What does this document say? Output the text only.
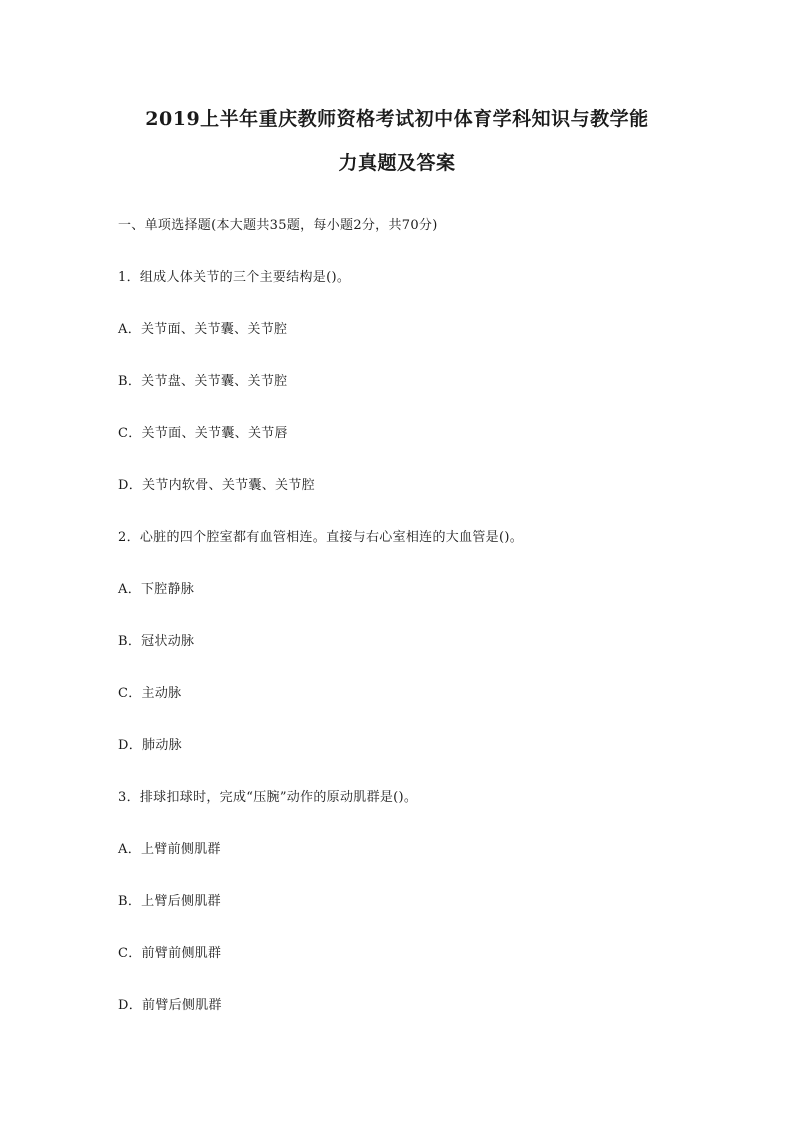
2019上半年重庆教师资格考试初中体育学科知识与教学能
力真题及答案
一、单项选择题(本大题共35题，每小题2分，共70分)
1．组成人体关节的三个主要结构是()。
A．关节面、关节囊、关节腔
B．关节盘、关节囊、关节腔
C．关节面、关节囊、关节唇
D．关节内软骨、关节囊、关节腔
2．心脏的四个腔室都有血管相连。直接与右心室相连的大血管是()。
A．下腔静脉
B．冠状动脉
C．主动脉
D．肺动脉
3．排球扣球时，完成“压腕”动作的原动肌群是()。
A．上臂前侧肌群
B．上臂后侧肌群
C．前臂前侧肌群
D．前臂后侧肌群
